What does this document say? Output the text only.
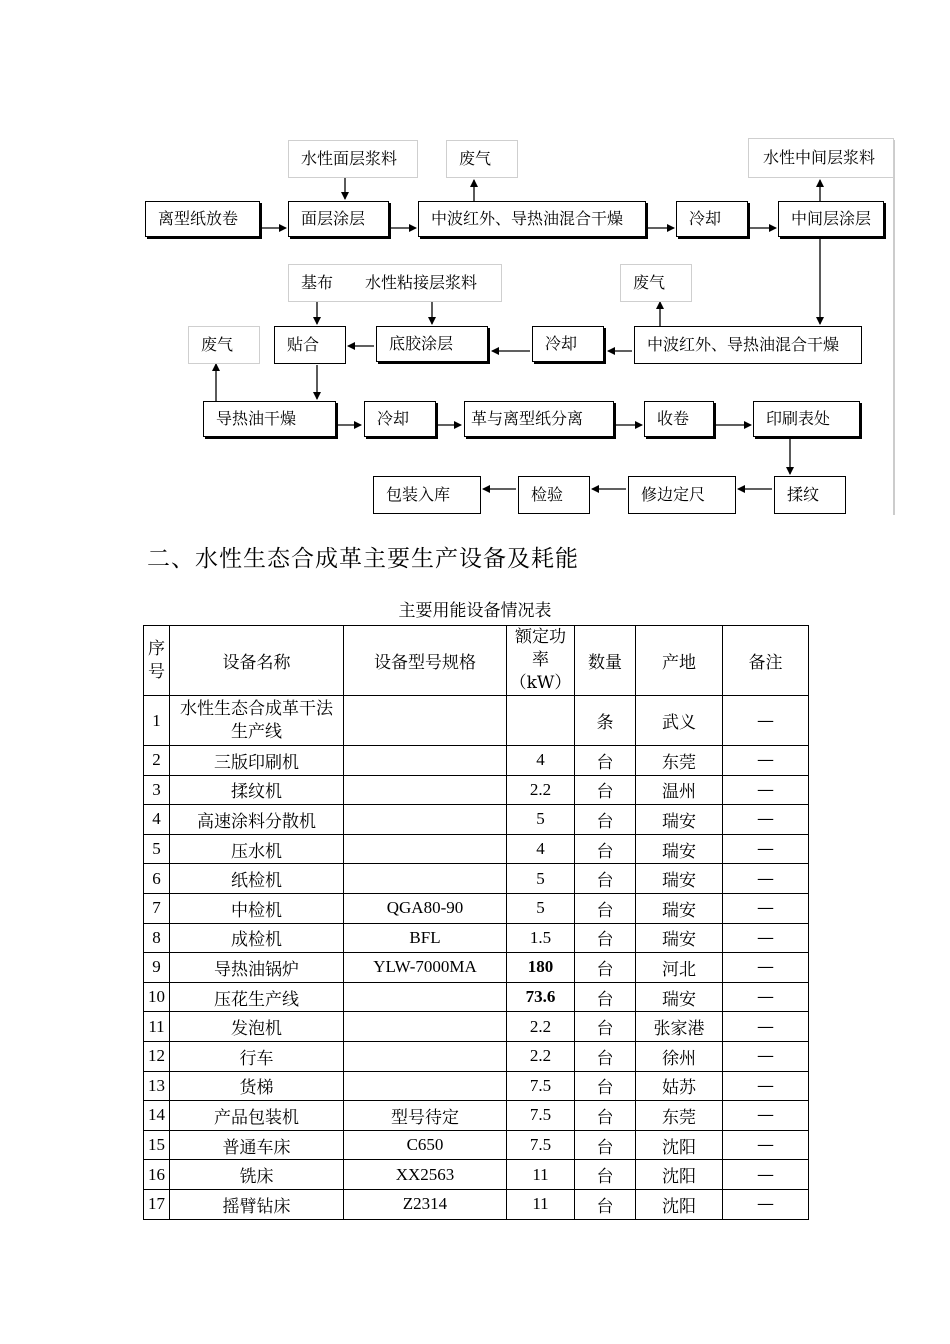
水性面层浆料	废气	水性中间层浆料
离型纸放卷	面层涂层	中波红外、导热油混合干燥	冷却	中间层涂层
基布　　水性粘接层浆料	废气
废气	贴合	底胶涂层	冷却	中波红外、导热油混合干燥
导热油干燥	冷却	革与离型纸分离	收卷	印刷表处
包装入库	检验	修边定尺	揉纹
二、水性生态合成革主要生产设备及耗能
主要用能设备情况表
序号	设备名称	设备型号规格	额定功率（kW）	数量	产地	备注
1	水性生态合成革干法生产线			条	武义	—
2	三版印刷机		4	台	东莞	—
3	揉纹机		2.2	台	温州	—
4	高速涂料分散机		5	台	瑞安	—
5	压水机		4	台	瑞安	—
6	纸检机		5	台	瑞安	—
7	中检机	QGA80-90	5	台	瑞安	—
8	成检机	BFL	1.5	台	瑞安	—
9	导热油锅炉	YLW-7000MA	180	台	河北	—
10	压花生产线		73.6	台	瑞安	—
11	发泡机		2.2	台	张家港	—
12	行车		2.2	台	徐州	—
13	货梯		7.5	台	姑苏	—
14	产品包装机	型号待定	7.5	台	东莞	—
15	普通车床	C650	7.5	台	沈阳	—
16	铣床	XX2563	11	台	沈阳	—
17	摇臂钻床	Z2314	11	台	沈阳	—
